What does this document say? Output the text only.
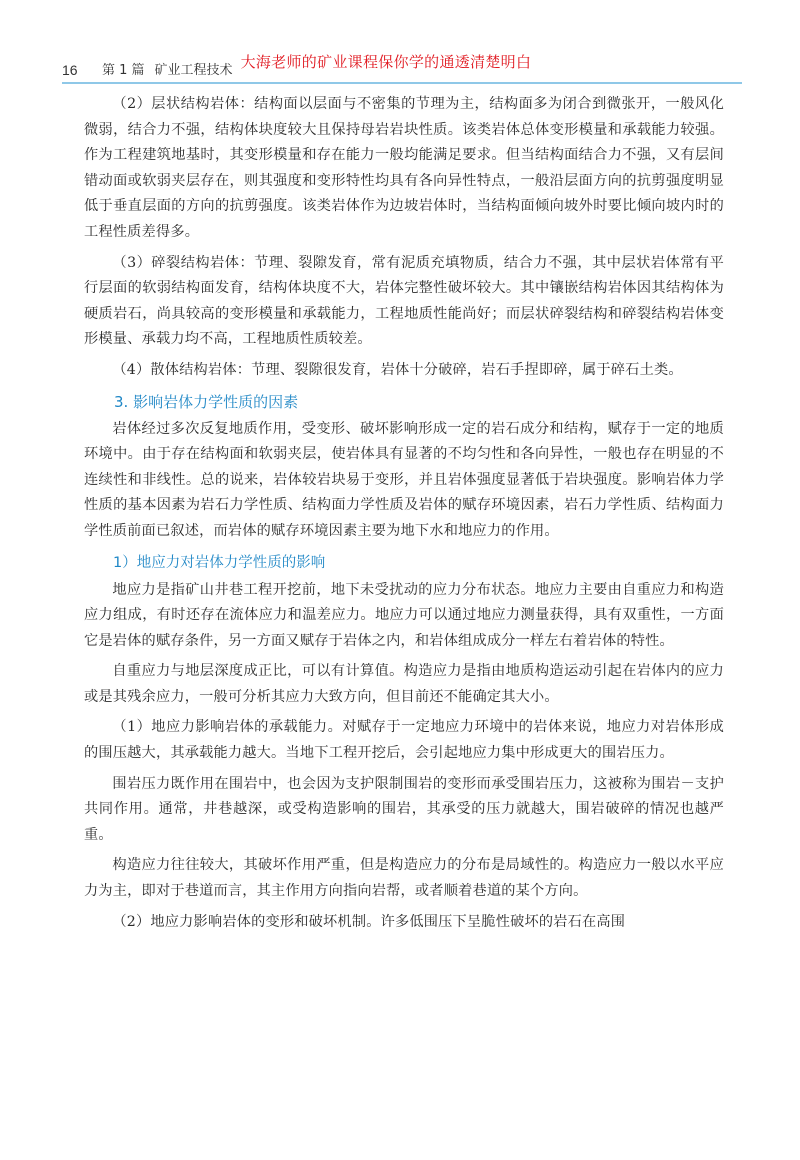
16	第 1 篇 矿业工程技术 大海老师的矿业课程保你学的通透清楚明白

（2）层状结构岩体：结构面以层面与不密集的节理为主，结构面多为闭合到微张开，一般风化微弱，结合力不强，结构体块度较大且保持母岩岩块性质。该类岩体总体变形模量和承载能力较强。作为工程建筑地基时，其变形模量和存在能力一般均能满足要求。但当结构面结合力不强，又有层间错动面或软弱夹层存在，则其强度和变形特性均具有各向异性特点，一般沿层面方向的抗剪强度明显低于垂直层面的方向的抗剪强度。该类岩体作为边坡岩体时，当结构面倾向坡外时要比倾向坡内时的工程性质差得多。

（3）碎裂结构岩体：节理、裂隙发育，常有泥质充填物质，结合力不强，其中层状岩体常有平行层面的软弱结构面发育，结构体块度不大，岩体完整性破坏较大。其中镶嵌结构岩体因其结构体为硬质岩石，尚具较高的变形模量和承载能力，工程地质性能尚好；而层状碎裂结构和碎裂结构岩体变形模量、承载力均不高，工程地质性质较差。

（4）散体结构岩体：节理、裂隙很发育，岩体十分破碎，岩石手捏即碎，属于碎石土类。

3. 影响岩体力学性质的因素

岩体经过多次反复地质作用，受变形、破坏影响形成一定的岩石成分和结构，赋存于一定的地质环境中。由于存在结构面和软弱夹层，使岩体具有显著的不均匀性和各向异性，一般也存在明显的不连续性和非线性。总的说来，岩体较岩块易于变形，并且岩体强度显著低于岩块强度。影响岩体力学性质的基本因素为岩石力学性质、结构面力学性质及岩体的赋存环境因素，岩石力学性质、结构面力学性质前面已叙述，而岩体的赋存环境因素主要为地下水和地应力的作用。

1）地应力对岩体力学性质的影响

地应力是指矿山井巷工程开挖前，地下未受扰动的应力分布状态。地应力主要由自重应力和构造应力组成，有时还存在流体应力和温差应力。地应力可以通过地应力测量获得，具有双重性，一方面它是岩体的赋存条件，另一方面又赋存于岩体之内，和岩体组成成分一样左右着岩体的特性。

自重应力与地层深度成正比，可以有计算值。构造应力是指由地质构造运动引起在岩体内的应力或是其残余应力，一般可分析其应力大致方向，但目前还不能确定其大小。

（1）地应力影响岩体的承载能力。对赋存于一定地应力环境中的岩体来说，地应力对岩体形成的围压越大，其承载能力越大。当地下工程开挖后，会引起地应力集中形成更大的围岩压力。

围岩压力既作用在围岩中，也会因为支护限制围岩的变形而承受围岩压力，这被称为围岩－支护共同作用。通常，井巷越深，或受构造影响的围岩，其承受的压力就越大，围岩破碎的情况也越严重。

构造应力往往较大，其破坏作用严重，但是构造应力的分布是局域性的。构造应力一般以水平应力为主，即对于巷道而言，其主作用方向指向岩帮，或者顺着巷道的某个方向。

（2）地应力影响岩体的变形和破坏机制。许多低围压下呈脆性破坏的岩石在高围
